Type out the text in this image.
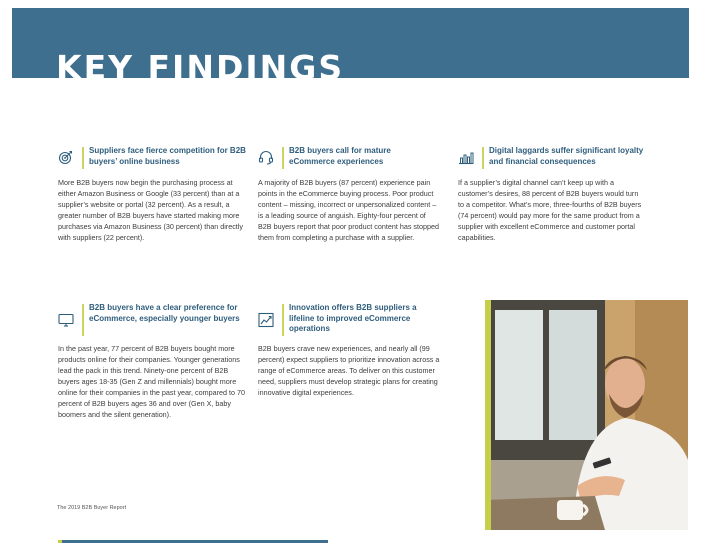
KEY FINDINGS
Suppliers face fierce competition for B2B buyers’ online business

More B2B buyers now begin the purchasing process at either Amazon Business or Google (33 percent) than at a supplier’s website or portal (32 percent). As a result, a greater number of B2B buyers have started making more purchases via Amazon Business (30 percent) than directly with suppliers (22 percent).

B2B buyers call for mature eCommerce experiences

A majority of B2B buyers (87 percent) experience pain points in the eCommerce buying process. Poor product content – missing, incorrect or unpersonalized content – is a leading source of anguish. Eighty-four percent of B2B buyers report that poor product content has stopped them from completing a purchase with a supplier.

Digital laggards suffer significant loyalty and financial consequences

If a supplier’s digital channel can’t keep up with a customer’s desires, 88 percent of B2B buyers would turn to a competitor. What’s more, three-fourths of B2B buyers (74 percent) would pay more for the same product from a supplier with excellent eCommerce and customer portal capabilities.

B2B buyers have a clear preference for eCommerce, especially younger buyers

In the past year, 77 percent of B2B buyers bought more products online for their companies. Younger generations lead the pack in this trend. Ninety-one percent of B2B buyers ages 18-35 (Gen Z and millennials) bought more online for their companies in the past year, compared to 70 percent of B2B buyers ages 36 and over (Gen X, baby boomers and the silent generation).

Innovation offers B2B suppliers a lifeline to improved eCommerce operations

B2B buyers crave new experiences, and nearly all (99 percent) expect suppliers to prioritize innovation across a range of eCommerce areas. To deliver on this customer need, suppliers must develop strategic plans for creating innovative digital experiences.

The 2019 B2B Buyer Report
